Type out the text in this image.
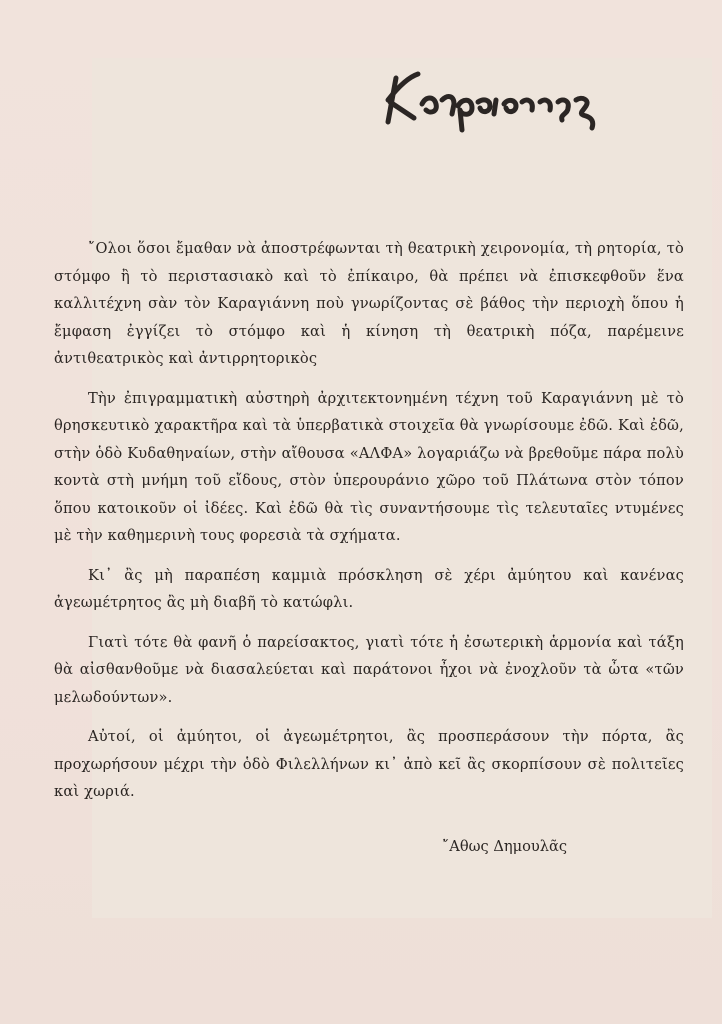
῎Ολοι ὅσοι ἔμαθαν νὰ ἀποστρέφωνται τὴ θεατρικὴ χειρονομία, τὴ ρητορία, τὸ στόμφο ἢ τὸ περιστασιακὸ καὶ τὸ ἐπίκαιρο, θὰ πρέπει νὰ ἐπισκεφθοῦν ἕνα καλλιτέχνη σὰν τὸν Καραγιάννη ποὺ γνωρίζοντας σὲ βάθος τὴν περιοχὴ ὅπου ἡ ἔμφαση ἐγγίζει τὸ στόμφο καὶ ἡ κίνηση τὴ θεατρικὴ πόζα, παρέμεινε ἀντιθεατρικὸς καὶ ἀντιρρητορικὸς

Τὴν ἐπιγραμματικὴ αὐστηρὴ ἀρχιτεκτονημένη τέχνη τοῦ Καραγιάννη μὲ τὸ θρησκευτικὸ χαρακτῆρα καὶ τὰ ὑπερβατικὰ στοιχεῖα θὰ γνωρίσουμε ἐδῶ. Καὶ ἐδῶ, στὴν ὁδὸ Κυδαθηναίων, στὴν αἴθουσα «ΑΛΦΑ» λογαριάζω νὰ βρεθοῦμε πάρα πολὺ κοντὰ στὴ μνήμη τοῦ εἴδους, στὸν ὑπερουράνιο χῶρο τοῦ Πλάτωνα στὸν τόπον ὅπου κατοικοῦν οἱ ἰδέες. Καὶ ἐδῶ θὰ τὶς συναντήσουμε τὶς τελευταῖες ντυμένες μὲ τὴν καθημερινὴ τους φορεσιὰ τὰ σχήματα.

Κι᾿ ἂς μὴ παραπέση καμμιὰ πρόσκληση σὲ χέρι ἀμύητου καὶ κανένας ἀγεωμέτρητος ἂς μὴ διαβῆ τὸ κατώφλι.

Γιατὶ τότε θὰ φανῆ ὁ παρείσακτος, γιατὶ τότε ἡ ἐσωτερικὴ ἁρμονία καὶ τάξη θὰ αἰσθανθοῦμε νὰ διασαλεύεται καὶ παράτονοι ἦχοι νὰ ἐνοχλοῦν τὰ ὦτα «τῶν μελωδούντων».

Αὐτοί, οἱ ἀμύητοι, οἱ ἀγεωμέτρητοι, ἂς προσπεράσουν τὴν πόρτα, ἂς προχωρήσουν μέχρι τὴν ὁδὸ Φιλελλήνων κι᾿ ἀπὸ κεῖ ἂς σκορπίσουν σὲ πολιτεῖες καὶ χωριά.

῎Αθως Δημουλᾶς
